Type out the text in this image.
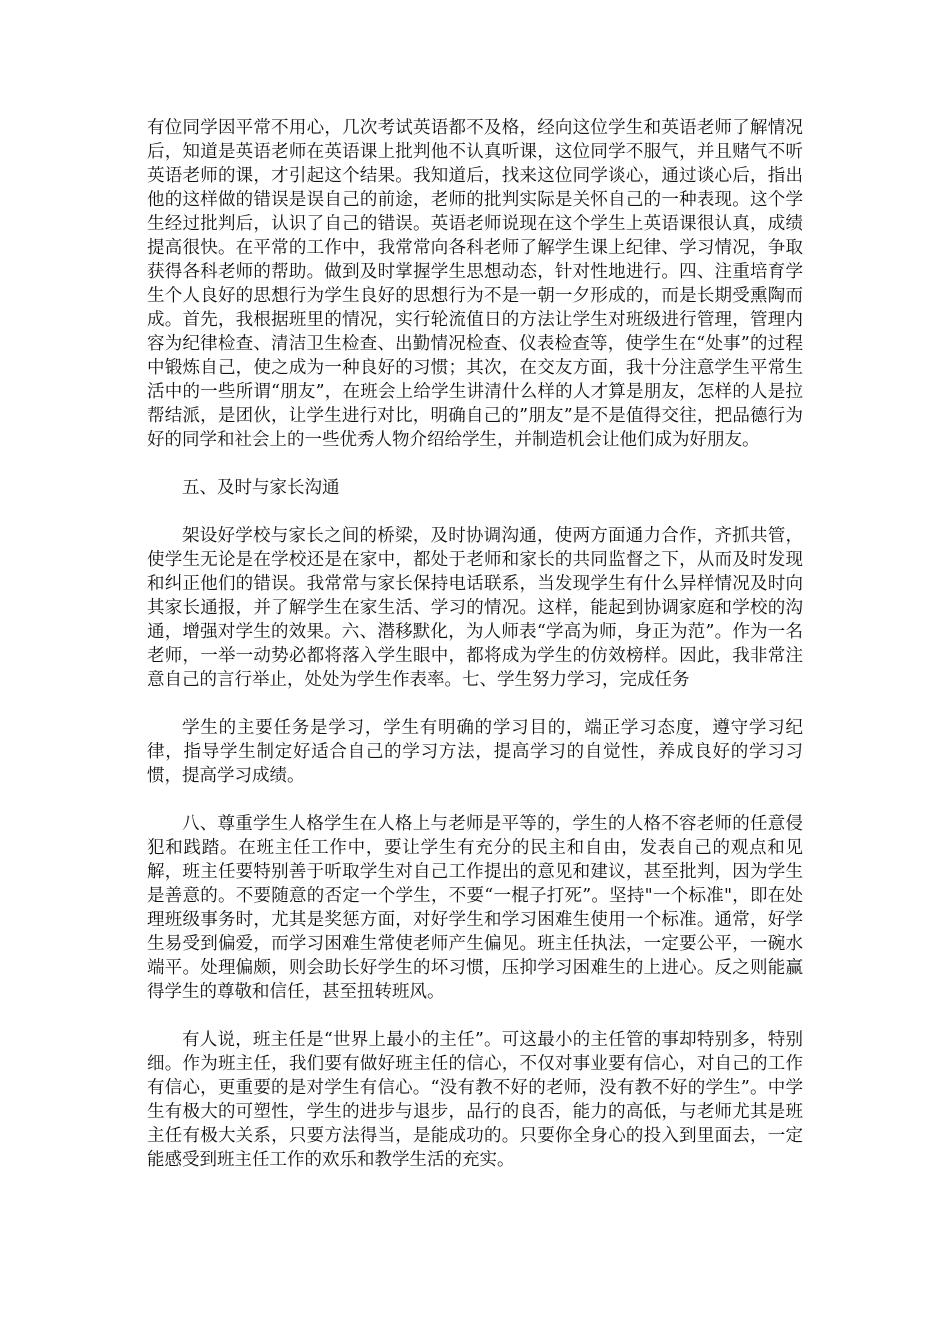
有位同学因平常不用心，几次考试英语都不及格，经向这位学生和英语老师了解情况后，知道是英语老师在英语课上批判他不认真听课，这位同学不服气，并且赌气不听英语老师的课，才引起这个结果。我知道后，找来这位同学谈心，通过谈心后，指出他的这样做的错误是误自己的前途，老师的批判实际是关怀自己的一种表现。这个学生经过批判后，认识了自己的错误。英语老师说现在这个学生上英语课很认真，成绩提高很快。在平常的工作中，我常常向各科老师了解学生课上纪律、学习情况，争取获得各科老师的帮助。做到及时掌握学生思想动态，针对性地进行。四、注重培育学生个人良好的思想行为学生良好的思想行为不是一朝一夕形成的，而是长期受熏陶而成。首先，我根据班里的情况，实行轮流值日的方法让学生对班级进行管理，管理内容为纪律检查、清洁卫生检查、出勤情况检查、仪表检查等，使学生在“处事”的过程中锻炼自己，使之成为一种良好的习惯；其次，在交友方面，我十分注意学生平常生活中的一些所谓“朋友”，在班会上给学生讲清什么样的人才算是朋友，怎样的人是拉帮结派，是团伙，让学生进行对比，明确自己的”朋友”是不是值得交往，把品德行为好的同学和社会上的一些优秀人物介绍给学生，并制造机会让他们成为好朋友。

五、及时与家长沟通

架设好学校与家长之间的桥梁，及时协调沟通，使两方面通力合作，齐抓共管，使学生无论是在学校还是在家中，都处于老师和家长的共同监督之下，从而及时发现和纠正他们的错误。我常常与家长保持电话联系，当发现学生有什么异样情况及时向其家长通报，并了解学生在家生活、学习的情况。这样，能起到协调家庭和学校的沟通，增强对学生的效果。六、潜移默化，为人师表“学高为师，身正为范”。作为一名老师，一举一动势必都将落入学生眼中，都将成为学生的仿效榜样。因此，我非常注意自己的言行举止，处处为学生作表率。七、学生努力学习，完成任务

学生的主要任务是学习，学生有明确的学习目的，端正学习态度，遵守学习纪律，指导学生制定好适合自己的学习方法，提高学习的自觉性，养成良好的学习习惯，提高学习成绩。

八、尊重学生人格学生在人格上与老师是平等的，学生的人格不容老师的任意侵犯和践踏。在班主任工作中，要让学生有充分的民主和自由，发表自己的观点和见解，班主任要特别善于听取学生对自己工作提出的意见和建议，甚至批判，因为学生是善意的。不要随意的否定一个学生，不要“一棍子打死”。坚持"一个标准"，即在处理班级事务时，尤其是奖惩方面，对好学生和学习困难生使用一个标准。通常，好学生易受到偏爱，而学习困难生常使老师产生偏见。班主任执法，一定要公平，一碗水端平。处理偏颇，则会助长好学生的坏习惯，压抑学习困难生的上进心。反之则能赢得学生的尊敬和信任，甚至扭转班风。

有人说，班主任是“世界上最小的主任”。可这最小的主任管的事却特别多，特别细。作为班主任，我们要有做好班主任的信心，不仅对事业要有信心，对自己的工作有信心，更重要的是对学生有信心。“没有教不好的老师，没有教不好的学生”。中学生有极大的可塑性，学生的进步与退步，品行的良否，能力的高低，与老师尤其是班主任有极大关系，只要方法得当，是能成功的。只要你全身心的投入到里面去，一定能感受到班主任工作的欢乐和教学生活的充实。
